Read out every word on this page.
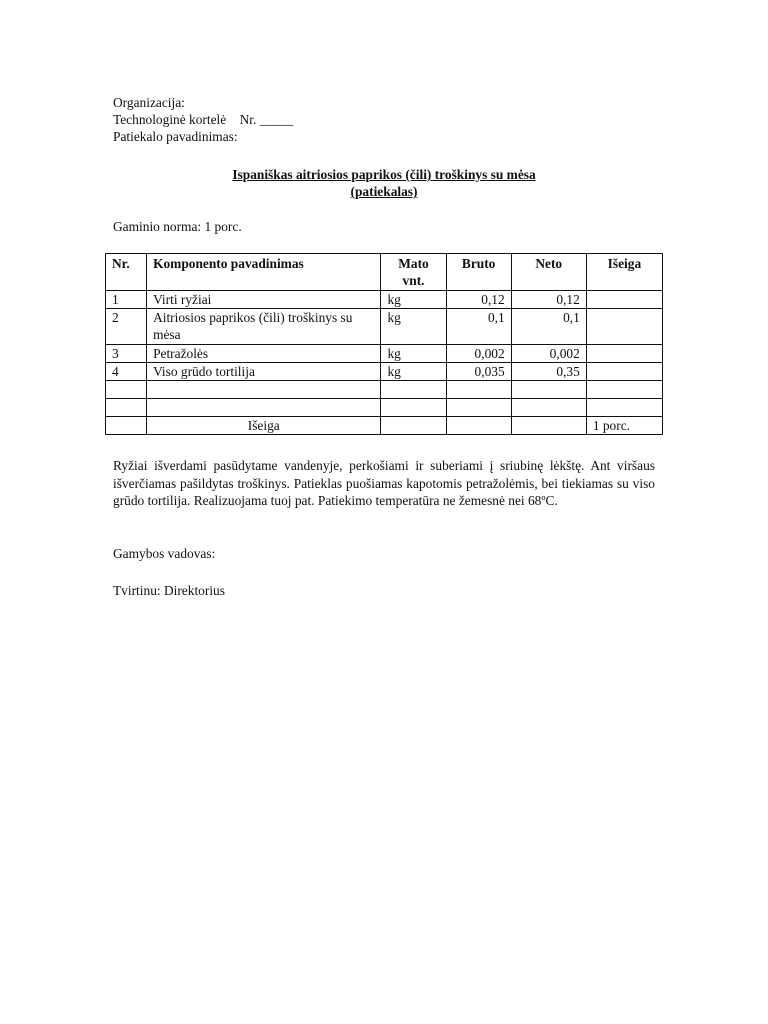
Organizacija:
Technologinė kortelė    Nr. _____
Patiekalo pavadinimas:
Ispaniškas aitriosios paprikos (čili) troškinys su mėsa
(patiekalas)
Gaminio norma: 1 porc.
Nr.	Komponento pavadinimas	Mato vnt.	Bruto	Neto	Išeiga
1	Virti ryžiai	kg	0,12	0,12	
2	Aitriosios paprikos (čili) troškinys su mėsa	kg	0,1	0,1	
3	Petražolės	kg	0,002	0,002	
4	Viso grūdo tortilija	kg	0,035	0,35	

	Išeiga				1 porc.
Ryžiai išverdami pasūdytame vandenyje, perkošiami ir suberiami į sriubinę lėkštę. Ant viršaus išverčiamas pašildytas troškinys. Patieklas puošiamas kapotomis petražolėmis, bei tiekiamas su viso grūdo tortilija. Realizuojama tuoj pat. Patiekimo temperatūra ne žemesnė nei 68ºC.
Gamybos vadovas:
Tvirtinu: Direktorius
